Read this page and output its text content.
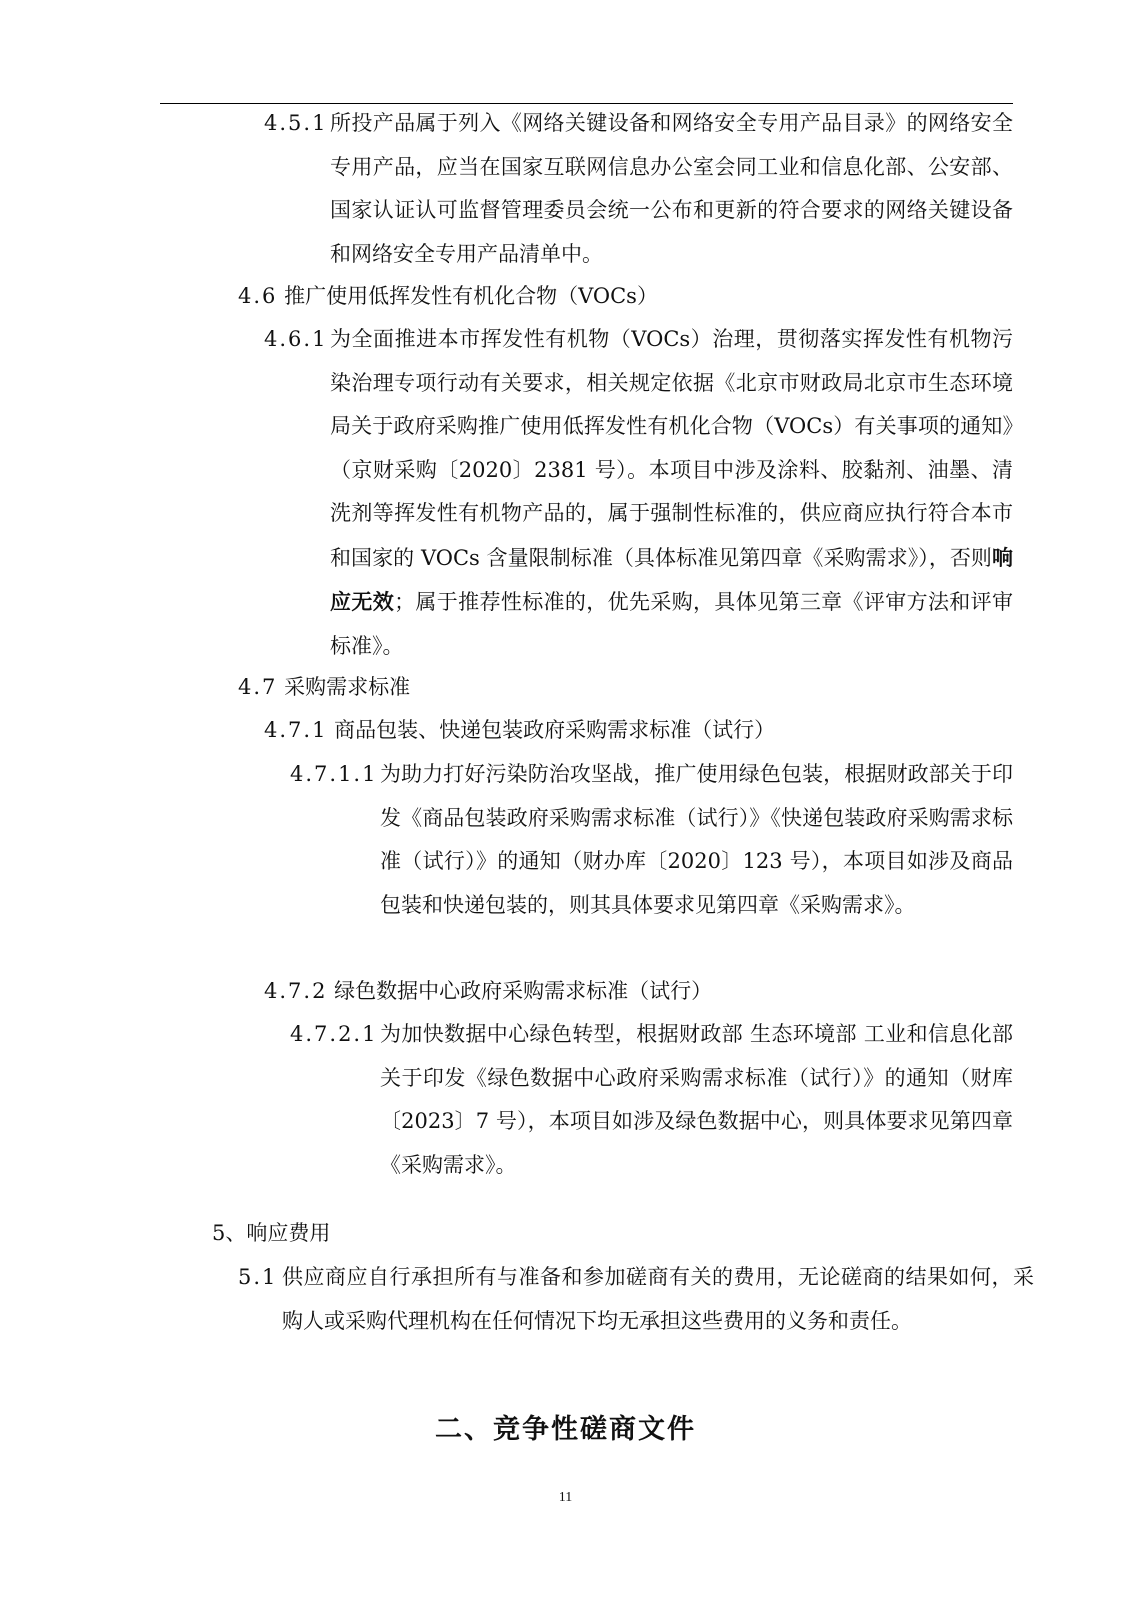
4.5.1 所投产品属于列入《网络关键设备和网络安全专用产品目录》的网络安全专用产品，应当在国家互联网信息办公室会同工业和信息化部、公安部、国家认证认可监督管理委员会统一公布和更新的符合要求的网络关键设备和网络安全专用产品清单中。
4.6 推广使用低挥发性有机化合物（VOCs）
4.6.1 为全面推进本市挥发性有机物（VOCs）治理，贯彻落实挥发性有机物污染治理专项行动有关要求，相关规定依据《北京市财政局北京市生态环境局关于政府采购推广使用低挥发性有机化合物（VOCs）有关事项的通知》（京财采购〔2020〕2381 号）。本项目中涉及涂料、胶黏剂、油墨、清洗剂等挥发性有机物产品的，属于强制性标准的，供应商应执行符合本市和国家的 VOCs 含量限制标准（具体标准见第四章《采购需求》），否则响应无效；属于推荐性标准的，优先采购，具体见第三章《评审方法和评审标准》。
4.7 采购需求标准
4.7.1 商品包装、快递包装政府采购需求标准（试行）
4.7.1.1 为助力打好污染防治攻坚战，推广使用绿色包装，根据财政部关于印发《商品包装政府采购需求标准（试行）》《快递包装政府采购需求标准（试行）》的通知（财办库〔2020〕123 号），本项目如涉及商品包装和快递包装的，则其具体要求见第四章《采购需求》。
4.7.2 绿色数据中心政府采购需求标准（试行）
4.7.2.1 为加快数据中心绿色转型，根据财政部 生态环境部 工业和信息化部关于印发《绿色数据中心政府采购需求标准（试行）》的通知（财库〔2023〕7 号），本项目如涉及绿色数据中心，则具体要求见第四章《采购需求》。
5、响应费用
5.1 供应商应自行承担所有与准备和参加磋商有关的费用，无论磋商的结果如何，采购人或采购代理机构在任何情况下均无承担这些费用的义务和责任。
二、竞争性磋商文件
11
